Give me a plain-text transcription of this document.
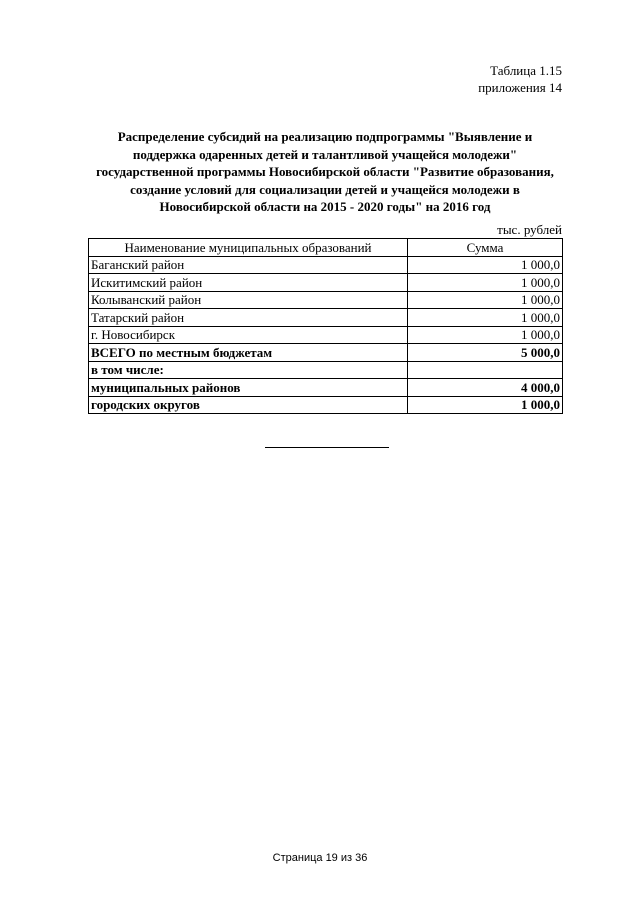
Таблица 1.15
приложения 14
Распределение субсидий на реализацию подпрограммы "Выявление и
поддержка одаренных детей и талантливой учащейся молодежи"
государственной программы Новосибирской области "Развитие образования,
создание условий для социализации детей и учащейся молодежи в
Новосибирской области на 2015 - 2020 годы" на 2016 год
тыс. рублей
Наименование муниципальных образований	Сумма
Баганский район	1 000,0
Искитимский район	1 000,0
Колыванский район	1 000,0
Татарский район	1 000,0
г. Новосибирск	1 000,0
ВСЕГО по местным бюджетам	5 000,0
в том числе:	
муниципальных районов	4 000,0
городских округов	1 000,0
Страница 19 из 36
